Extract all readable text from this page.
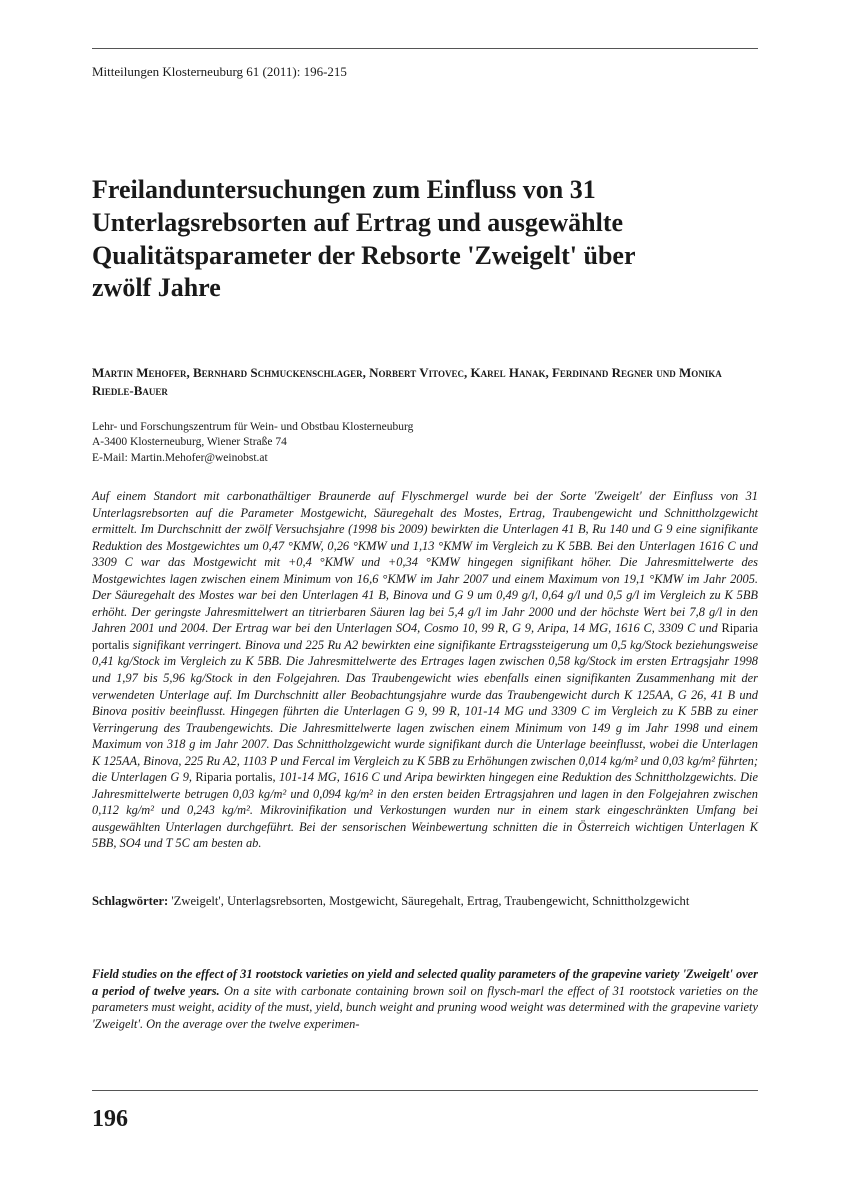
Mitteilungen Klosterneuburg 61 (2011): 196-215
Freilanduntersuchungen zum Einfluss von 31
Unterlagsrebsorten auf Ertrag und ausgewählte
Qualitätsparameter der Rebsorte 'Zweigelt' über
zwölf Jahre
Martin Mehofer, Bernhard Schmuckenschlager, Norbert Vitovec, Karel Hanak, Ferdinand Regner und Monika Riedle-Bauer
Lehr- und Forschungszentrum für Wein- und Obstbau Klosterneuburg
A-3400 Klosterneuburg, Wiener Straße 74
E-Mail: Martin.Mehofer@weinobst.at
Auf einem Standort mit carbonathältiger Braunerde auf Flyschmergel wurde bei der Sorte 'Zweigelt' der Einfluss von 31 Unterlagsrebsorten auf die Parameter Mostgewicht, Säuregehalt des Mostes, Ertrag, Traubengewicht und Schnittholzgewicht ermittelt. Im Durchschnitt der zwölf Versuchsjahre (1998 bis 2009) bewirkten die Unterlagen 41 B, Ru 140 und G 9 eine signifikante Reduktion des Mostgewichtes um 0,47 °KMW, 0,26 °KMW und 1,13 °KMW im Vergleich zu K 5BB. Bei den Unterlagen 1616 C und 3309 C war das Mostgewicht mit +0,4 °KMW und +0,34 °KMW hingegen signifikant höher. Die Jahresmittelwerte des Mostgewichtes lagen zwischen einem Minimum von 16,6 °KMW im Jahr 2007 und einem Maximum von 19,1 °KMW im Jahr 2005. Der Säuregehalt des Mostes war bei den Unterlagen 41 B, Binova und G 9 um 0,49 g/l, 0,64 g/l und 0,5 g/l im Vergleich zu K 5BB erhöht. Der geringste Jahresmittelwert an titrierbaren Säuren lag bei 5,4 g/l im Jahr 2000 und der höchste Wert bei 7,8 g/l in den Jahren 2001 und 2004. Der Ertrag war bei den Unterlagen SO4, Cosmo 10, 99 R, G 9, Aripa, 14 MG, 1616 C, 3309 C und Riparia portalis signifikant verringert. Binova und 225 Ru A2 bewirkten eine signifikante Ertragssteigerung um 0,5 kg/Stock beziehungsweise 0,41 kg/Stock im Vergleich zu K 5BB. Die Jahresmittelwerte des Ertrages lagen zwischen 0,58 kg/Stock im ersten Ertragsjahr 1998 und 1,97 bis 5,96 kg/Stock in den Folgejahren. Das Traubengewicht wies ebenfalls einen signifikanten Zusammenhang mit der verwendeten Unterlage auf. Im Durchschnitt aller Beobachtungsjahre wurde das Traubengewicht durch K 125AA, G 26, 41 B und Binova positiv beeinflusst. Hingegen führten die Unterlagen G 9, 99 R, 101-14 MG und 3309 C im Vergleich zu K 5BB zu einer Verringerung des Traubengewichts. Die Jahresmittelwerte lagen zwischen einem Minimum von 149 g im Jahr 1998 und einem Maximum von 318 g im Jahr 2007. Das Schnittholzgewicht wurde signifikant durch die Unterlage beeinflusst, wobei die Unterlagen K 125AA, Binova, 225 Ru A2, 1103 P und Fercal im Vergleich zu K 5BB zu Erhöhungen zwischen 0,014 kg/m² und 0,03 kg/m² führten; die Unterlagen G 9, Riparia portalis, 101-14 MG, 1616 C und Aripa bewirkten hingegen eine Reduktion des Schnittholzgewichts. Die Jahresmittelwerte betrugen 0,03 kg/m² und 0,094 kg/m² in den ersten beiden Ertragsjahren und lagen in den Folgejahren zwischen 0,112 kg/m² und 0,243 kg/m². Mikrovinifikation und Verkostungen wurden nur in einem stark eingeschränkten Umfang bei ausgewählten Unterlagen durchgeführt. Bei der sensorischen Weinbewertung schnitten die in Österreich wichtigen Unterlagen K 5BB, SO4 und T 5C am besten ab.
Schlagwörter: 'Zweigelt', Unterlagsrebsorten, Mostgewicht, Säuregehalt, Ertrag, Traubengewicht, Schnittholzgewicht
Field studies on the effect of 31 rootstock varieties on yield and selected quality parameters of the grapevine variety 'Zweigelt' over a period of twelve years. On a site with carbonate containing brown soil on flysch-marl the effect of 31 rootstock varieties on the parameters must weight, acidity of the must, yield, bunch weight and pruning wood weight was determined with the grapevine variety 'Zweigelt'. On the average over the twelve experimen-
196
